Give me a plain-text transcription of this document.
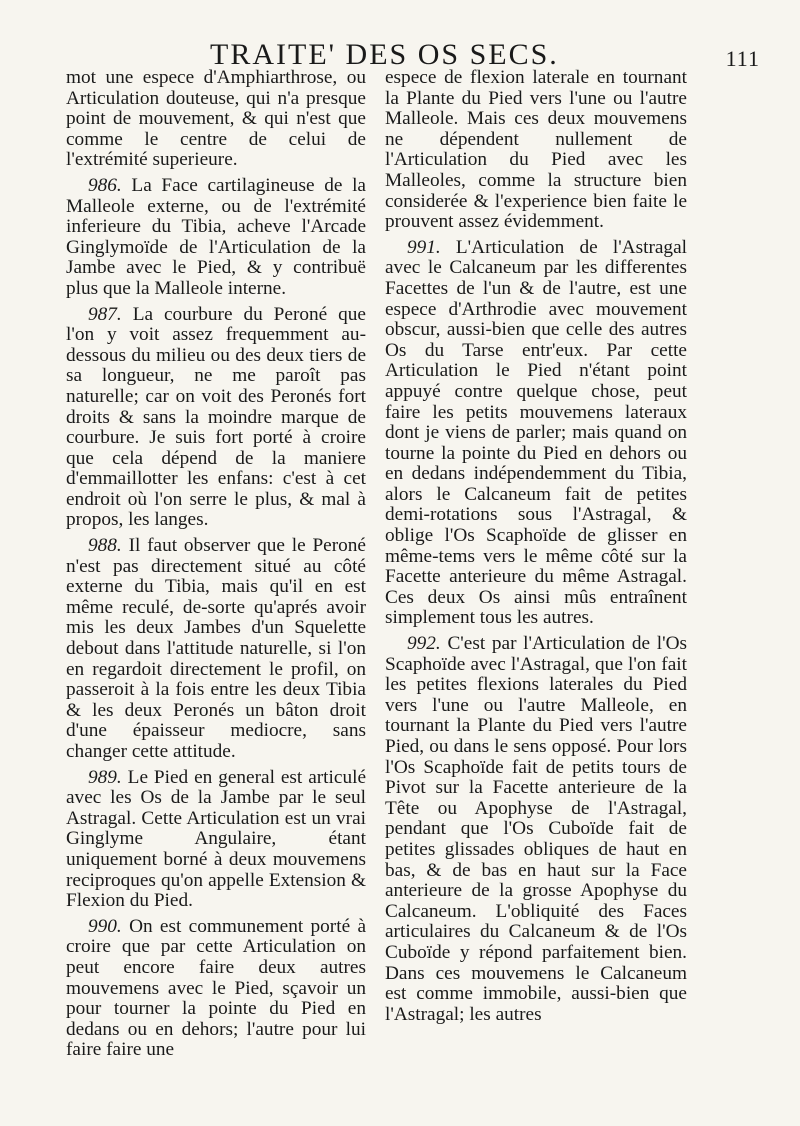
TRAITE' DES OS SECS.	111

mot une espece d'Amphiarthrose, ou Articulation douteuse, qui n'a presque point de mouvement, & qui n'est que comme le centre de celui de l'extrémité superieure.

986. La Face cartilagineuse de la Malleole externe, ou de l'extrémité inferieure du Tibia, acheve l'Arcade Ginglymoïde de l'Articulation de la Jambe avec le Pied, & y contribuë plus que la Malleole interne.

987. La courbure du Peroné que l'on y voit assez frequemment au-dessous du milieu ou des deux tiers de sa longueur, ne me paroît pas naturelle; car on voit des Peronés fort droits & sans la moindre marque de courbure. Je suis fort porté à croire que cela dépend de la maniere d'emmaillotter les enfans: c'est à cet endroit où l'on serre le plus, & mal à propos, les langes.

988. Il faut observer que le Peroné n'est pas directement situé au côté externe du Tibia, mais qu'il en est même reculé, de-sorte qu'aprés avoir mis les deux Jambes d'un Squelette debout dans l'attitude naturelle, si l'on en regardoit directement le profil, on passeroit à la fois entre les deux Tibia & les deux Peronés un bâton droit d'une épaisseur mediocre, sans changer cette attitude.

989. Le Pied en general est articulé avec les Os de la Jambe par le seul Astragal. Cette Articulation est un vrai Ginglyme Angulaire, étant uniquement borné à deux mouvemens reciproques qu'on appelle Extension & Flexion du Pied.

990. On est communement porté à croire que par cette Articulation on peut encore faire deux autres mouvemens avec le Pied, sçavoir un pour tourner la pointe du Pied en dedans ou en dehors; l'autre pour lui faire faire une

espece de flexion laterale en tournant la Plante du Pied vers l'une ou l'autre Malleole. Mais ces deux mouvemens ne dépendent nullement de l'Articulation du Pied avec les Malleoles, comme la structure bien considerée & l'experience bien faite le prouvent assez évidemment.

991. L'Articulation de l'Astragal avec le Calcaneum par les differentes Facettes de l'un & de l'autre, est une espece d'Arthrodie avec mouvement obscur, aussi-bien que celle des autres Os du Tarse entr'eux. Par cette Articulation le Pied n'étant point appuyé contre quelque chose, peut faire les petits mouvemens lateraux dont je viens de parler; mais quand on tourne la pointe du Pied en dehors ou en dedans indépendemment du Tibia, alors le Calcaneum fait de petites demi-rotations sous l'Astragal, & oblige l'Os Scaphoïde de glisser en même-tems vers le même côté sur la Facette anterieure du même Astragal. Ces deux Os ainsi mûs entraînent simplement tous les autres.

992. C'est par l'Articulation de l'Os Scaphoïde avec l'Astragal, que l'on fait les petites flexions laterales du Pied vers l'une ou l'autre Malleole, en tournant la Plante du Pied vers l'autre Pied, ou dans le sens opposé. Pour lors l'Os Scaphoïde fait de petits tours de Pivot sur la Facette anterieure de la Tête ou Apophyse de l'Astragal, pendant que l'Os Cuboïde fait de petites glissades obliques de haut en bas, & de bas en haut sur la Face anterieure de la grosse Apophyse du Calcaneum. L'obliquité des Faces articulaires du Calcaneum & de l'Os Cuboïde y répond parfaitement bien. Dans ces mouvemens le Calcaneum est comme immobile, aussi-bien que l'Astragal; les autres
